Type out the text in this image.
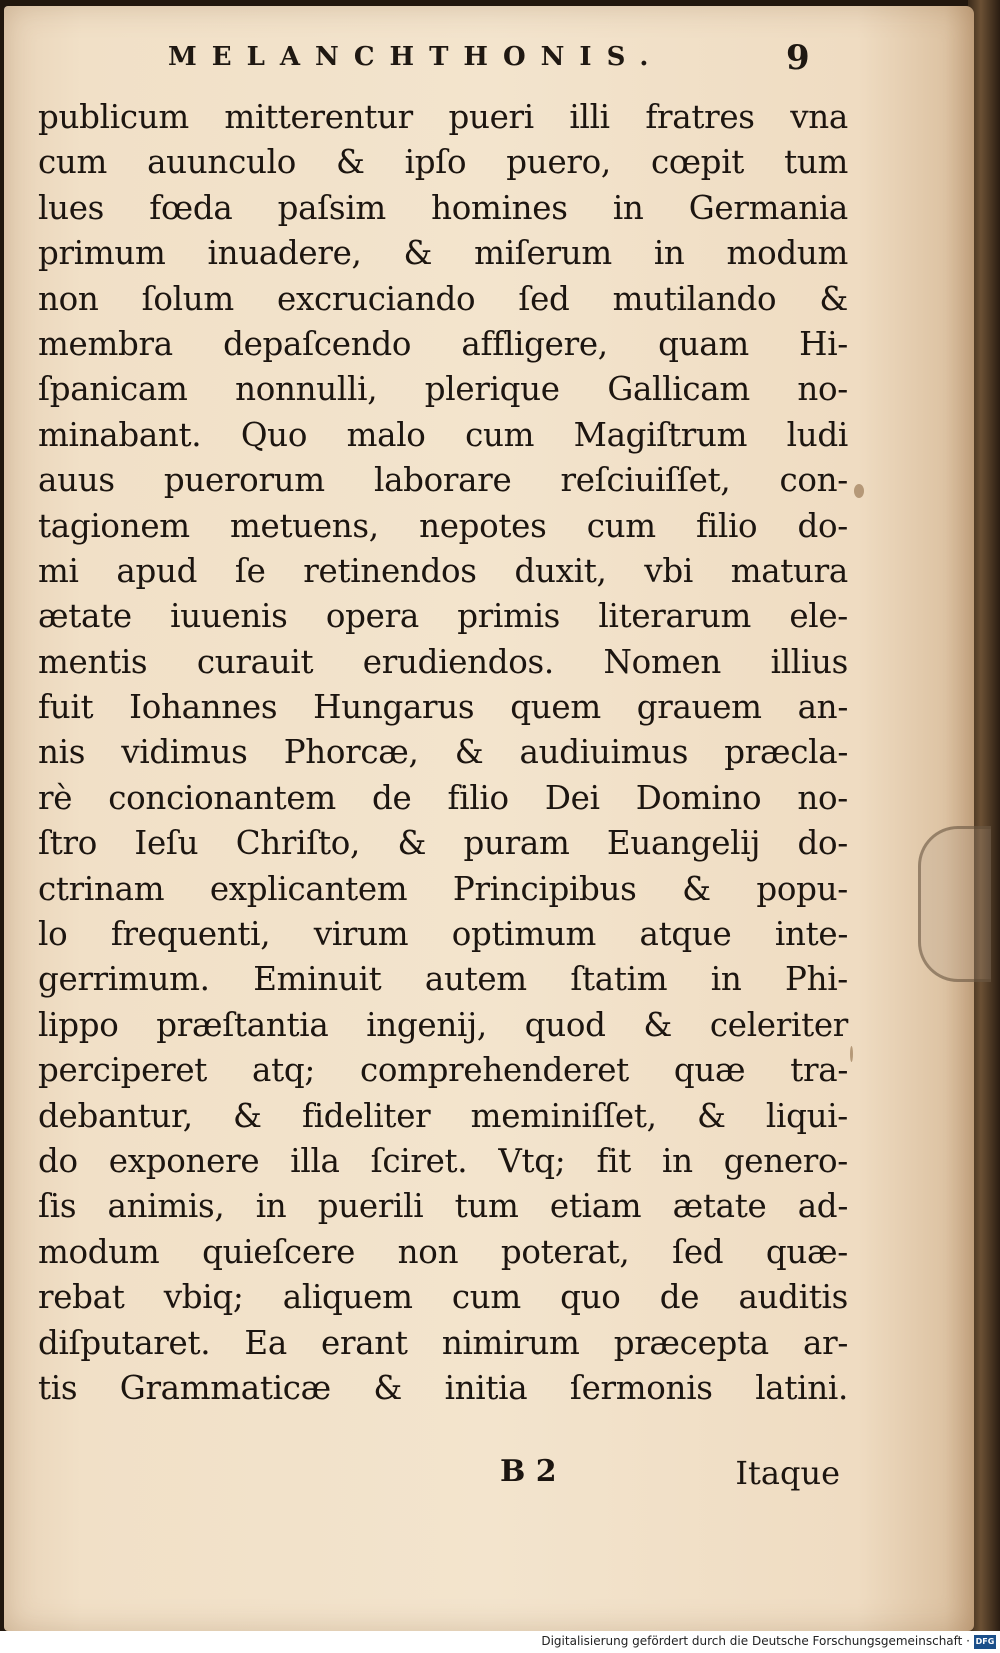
MELANCHTHONIS.	9
publicum mitterentur pueri illi fratres vna
cum auunculo & ipſo puero, cœpit tum
lues fœda paſsim homines in Germania
primum inuadere, & miſerum in modum
non ſolum excruciando ſed mutilando &
membra depaſcendo affligere, quam Hi-
ſpanicam nonnulli, plerique Gallicam no-
minabant. Quo malo cum Magiſtrum ludi
auus puerorum laborare reſciuiſſet, con-
tagionem metuens, nepotes cum filio do-
mi apud ſe retinendos duxit, vbi matura
ætate iuuenis opera primis literarum ele-
mentis curauit erudiendos. Nomen illius
fuit Iohannes Hungarus quem grauem an-
nis vidimus Phorcæ, & audiuimus præcla-
rè concionantem de filio Dei Domino no-
ſtro Ieſu Chriſto, & puram Euangelij do-
ctrinam explicantem Principibus & popu-
lo frequenti, virum optimum atque inte-
gerrimum. Eminuit autem ſtatim in Phi-
lippo præſtantia ingenij, quod & celeriter
perciperet atq; comprehenderet quæ tra-
debantur, & fideliter meminiſſet, & liqui-
do exponere illa ſciret. Vtq; fit in genero-
ſis animis, in puerili tum etiam ætate ad-
modum quieſcere non poterat, ſed quæ-
rebat vbiq; aliquem cum quo de auditis
diſputaret. Ea erant nimirum præcepta ar-
tis Grammaticæ & initia ſermonis latini.
B 2	Itaque
Digitalisierung gefördert durch die Deutsche Forschungsgemeinschaft · DFG
